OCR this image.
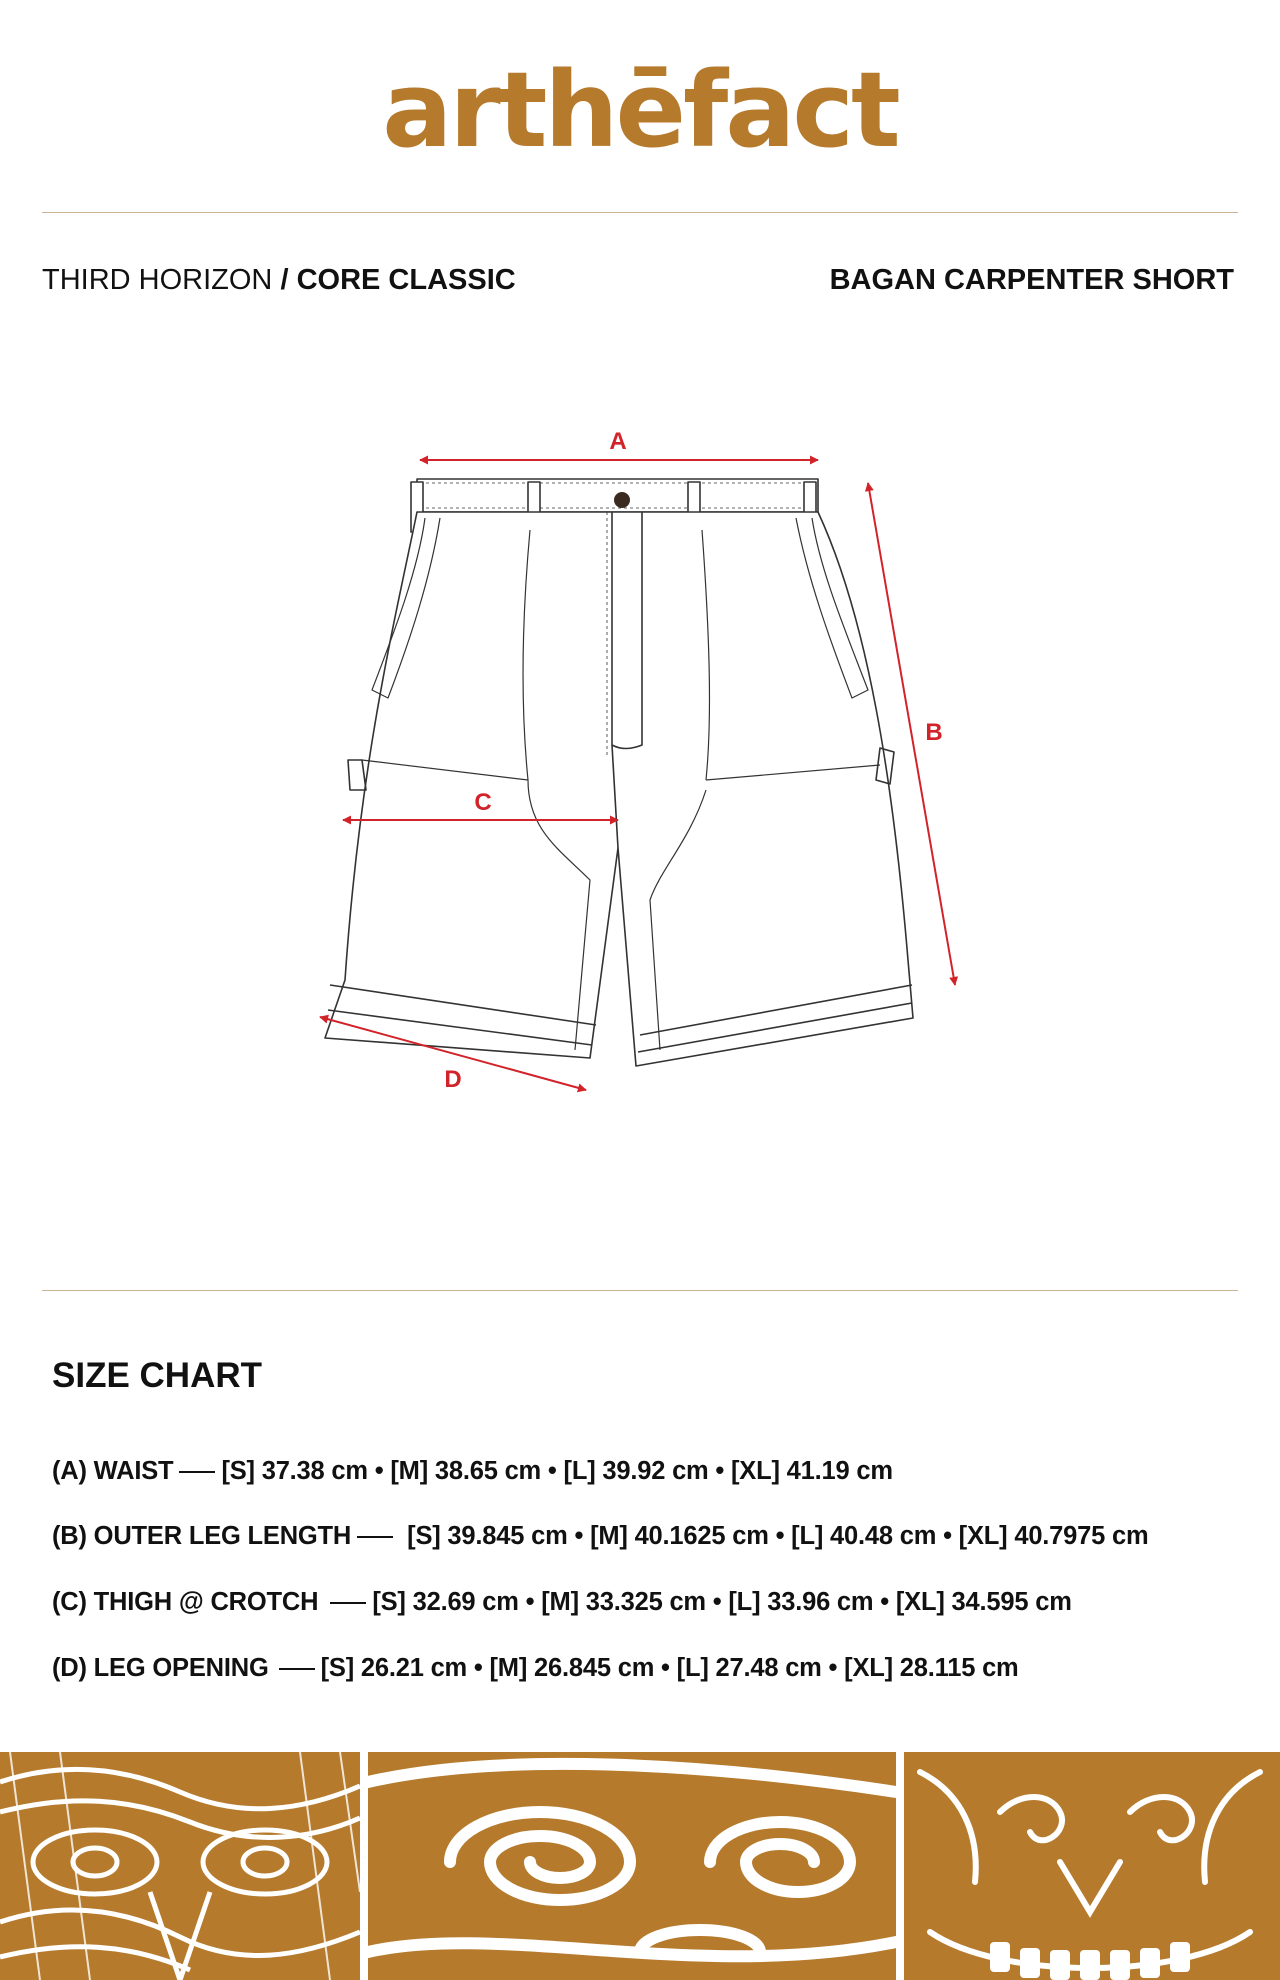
arthēfact
THIRD HORIZON / CORE CLASSIC	BAGAN CARPENTER SHORT
A
B
C
D
SIZE CHART
(A) WAIST [S] 37.38 cm • [M] 38.65 cm • [L] 39.92 cm • [XL] 41.19 cm
(B) OUTER LEG LENGTH [S] 39.845 cm • [M] 40.1625 cm • [L] 40.48 cm • [XL] 40.7975 cm
(C) THIGH @ CROTCH [S] 32.69 cm • [M] 33.325 cm • [L] 33.96 cm • [XL] 34.595 cm
(D) LEG OPENING [S] 26.21 cm • [M] 26.845 cm • [L] 27.48 cm • [XL] 28.115 cm
